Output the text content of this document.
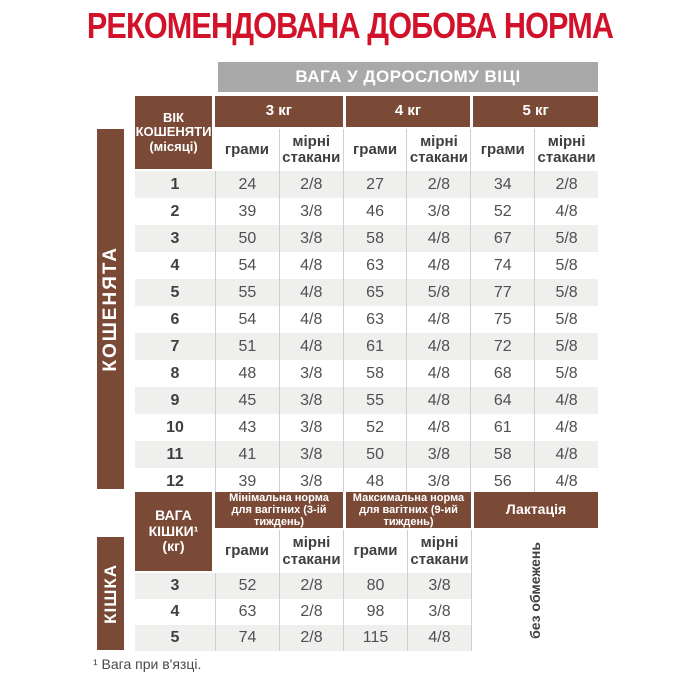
РЕКОМЕНДОВАНА ДОБОВА НОРМА
ВАГА У ДОРОСЛОМУ ВІЦІ
КОШЕНЯТА
ВІК КОШЕНЯТИ (місяці)
3 кг	4 кг	5 кг
грами	мірні стакани грами	мірні стакани грами	мірні стакани
1	24	2/8	27	2/8	34	2/8
2	39	3/8	46	3/8	52	4/8
3	50	3/8	58	4/8	67	5/8
4	54	4/8	63	4/8	74	5/8
5	55	4/8	65	5/8	77	5/8
6	54	4/8	63	4/8	75	5/8
7	51	4/8	61	4/8	72	5/8
8	48	3/8	58	4/8	68	5/8
9	45	3/8	55	4/8	64	4/8
10	43	3/8	52	4/8	61	4/8
11	41	3/8	50	3/8	58	4/8
12	39	3/8	48	3/8	56	4/8
КІШКА
ВАГА КІШКИ¹ (кг)
Мінімальна норма для вагітних (3-ій тиждень)
Максимальна норма для вагітних (9-ий тиждень)
Лактація
без обмежень
грами	мірні стакани грами	мірні стакани
3	52	2/8	80	3/8
4	63	2/8	98	3/8
5	74	2/8	115	4/8
¹ Вага при в'язці.
